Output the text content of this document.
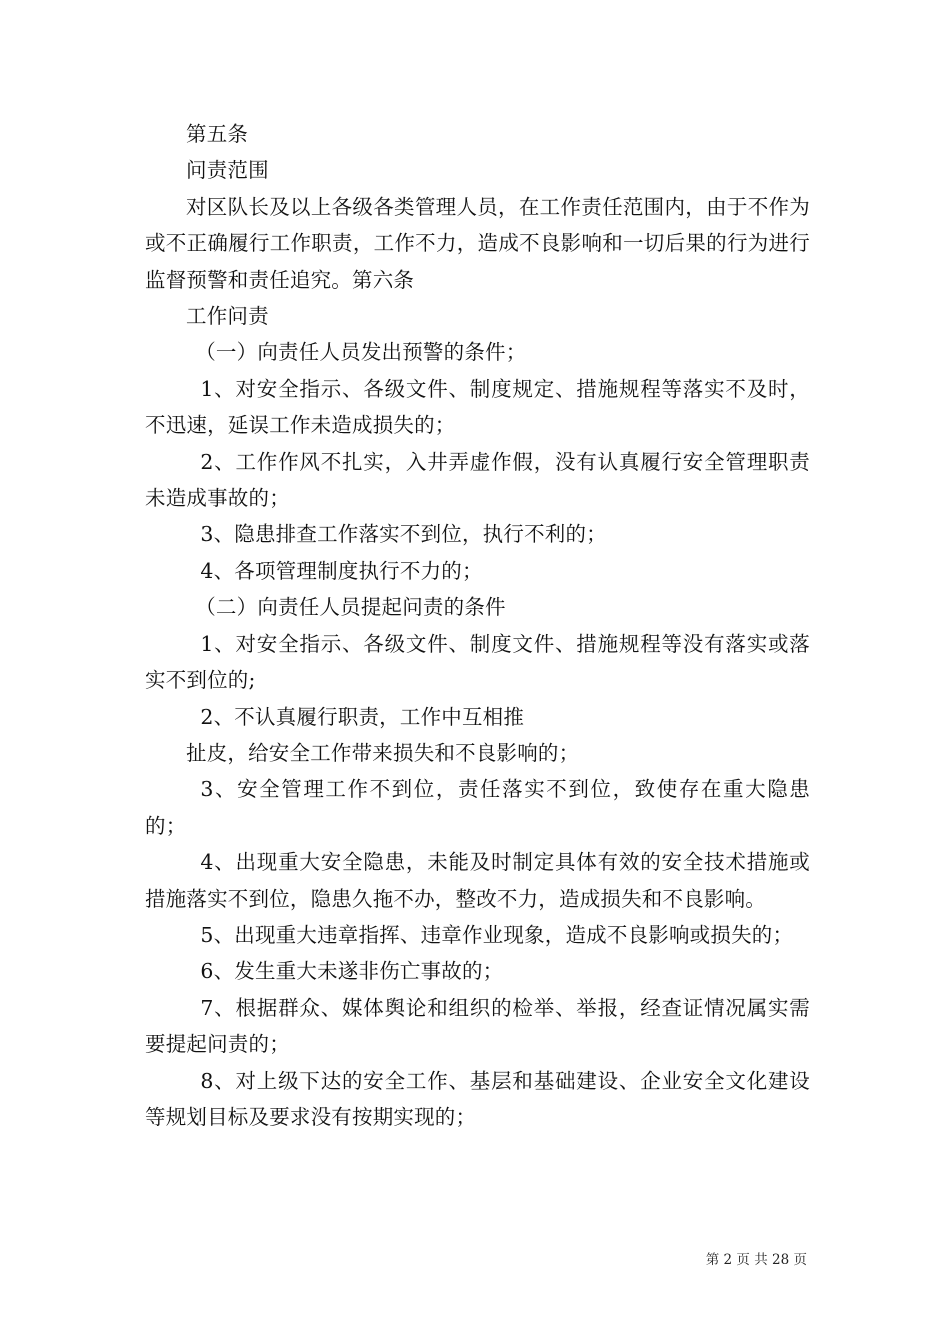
第五条

问责范围

对区队长及以上各级各类管理人员，在工作责任范围内，由于不作为或不正确履行工作职责，工作不力，造成不良影响和一切后果的行为进行监督预警和责任追究。第六条

工作问责

（一）向责任人员发出预警的条件；

1、对安全指示、各级文件、制度规定、措施规程等落实不及时，不迅速，延误工作未造成损失的；

2、工作作风不扎实，入井弄虚作假，没有认真履行安全管理职责未造成事故的；

3、隐患排查工作落实不到位，执行不利的；

4、各项管理制度执行不力的；

（二）向责任人员提起问责的条件

1、对安全指示、各级文件、制度文件、措施规程等没有落实或落实不到位的;

2、不认真履行职责，工作中互相推

扯皮，给安全工作带来损失和不良影响的；

3、安全管理工作不到位，责任落实不到位，致使存在重大隐患的；

4、出现重大安全隐患，未能及时制定具体有效的安全技术措施或措施落实不到位，隐患久拖不办，整改不力，造成损失和不良影响。

5、出现重大违章指挥、违章作业现象，造成不良影响或损失的；

6、发生重大未遂非伤亡事故的；

7、根据群众、媒体舆论和组织的检举、举报，经查证情况属实需要提起问责的；

8、对上级下达的安全工作、基层和基础建设、企业安全文化建设等规划目标及要求没有按期实现的；

第 2 页 共 28 页
